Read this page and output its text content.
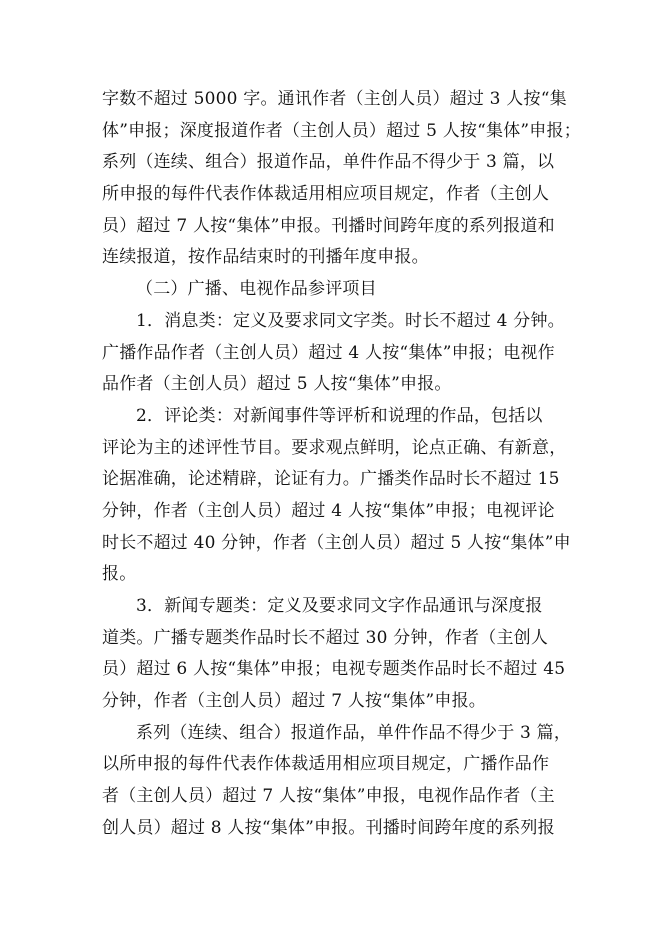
字数不超过 5000 字。通讯作者（主创人员）超过 3 人按“集
体”申报；深度报道作者（主创人员）超过 5 人按“集体”申报；
系列（连续、组合）报道作品，单件作品不得少于 3 篇，以
所申报的每件代表作体裁适用相应项目规定，作者（主创人
员）超过 7 人按“集体”申报。刊播时间跨年度的系列报道和
连续报道，按作品结束时的刊播年度申报。
（二）广播、电视作品参评项目
1．消息类：定义及要求同文字类。时长不超过 4 分钟。
广播作品作者（主创人员）超过 4 人按“集体”申报；电视作
品作者（主创人员）超过 5 人按“集体”申报。
2．评论类：对新闻事件等评析和说理的作品，包括以
评论为主的述评性节目。要求观点鲜明，论点正确、有新意，
论据准确，论述精辟，论证有力。广播类作品时长不超过 15
分钟，作者（主创人员）超过 4 人按“集体”申报；电视评论
时长不超过 40 分钟，作者（主创人员）超过 5 人按“集体”申
报。
3．新闻专题类：定义及要求同文字作品通讯与深度报
道类。广播专题类作品时长不超过 30 分钟，作者（主创人
员）超过 6 人按“集体”申报；电视专题类作品时长不超过 45
分钟，作者（主创人员）超过 7 人按“集体”申报。
系列（连续、组合）报道作品，单件作品不得少于 3 篇，
以所申报的每件代表作体裁适用相应项目规定，广播作品作
者（主创人员）超过 7 人按“集体”申报，电视作品作者（主
创人员）超过 8 人按“集体”申报。刊播时间跨年度的系列报
